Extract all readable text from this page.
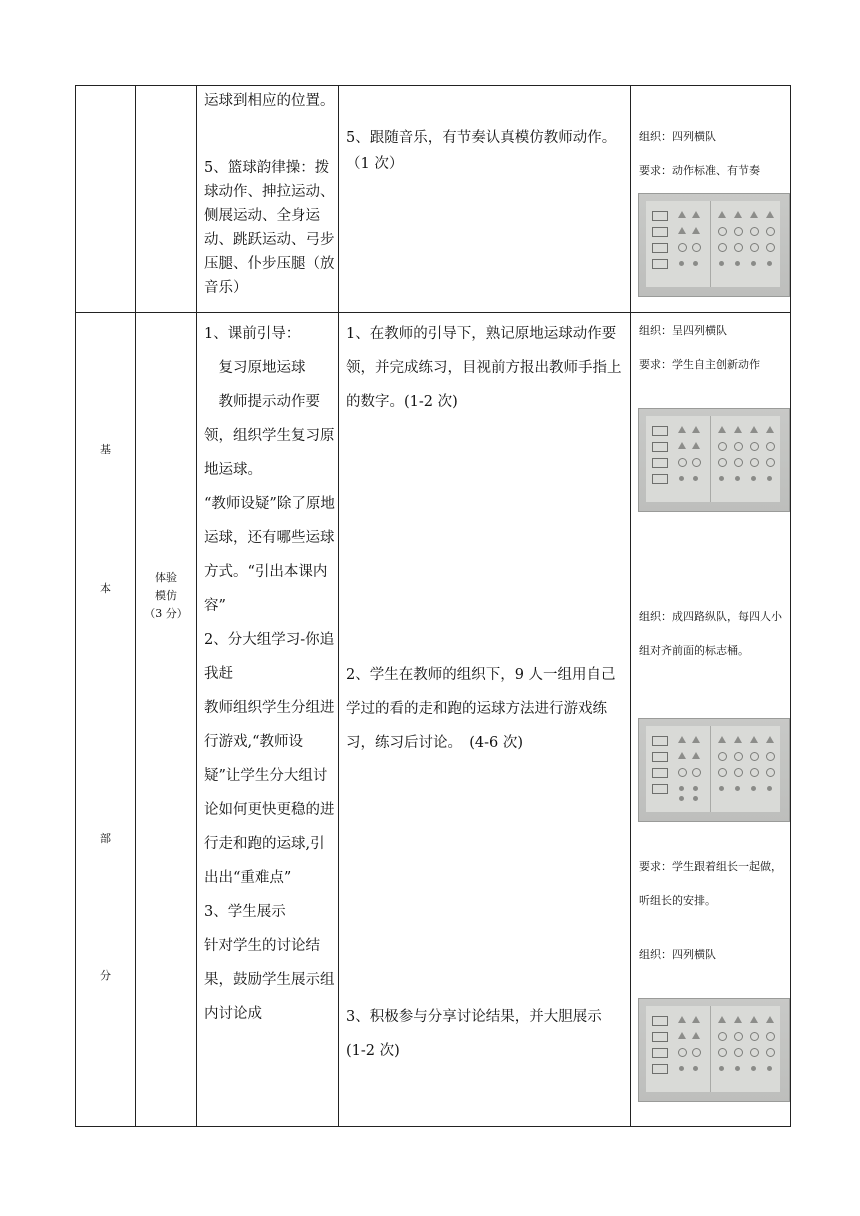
运球到相应的位置。
5、篮球韵律操：拨球动作、抻拉运动、侧展运动、全身运动、跳跃运动、弓步压腿、仆步压腿（放音乐）
5、跟随音乐，有节奏认真模仿教师动作。（1 次）
组织：四列横队
要求：动作标准、有节奏
基
本
部
分
体验
模仿
（3 分）
1、课前引导：
　复习原地运球
　教师提示动作要领，组织学生复习原地运球。
“教师设疑”除了原地运球，还有哪些运球方式。“引出本课内容”
2、分大组学习-你追我赶
教师组织学生分组进行游戏,“教师设疑”让学生分大组讨论如何更快更稳的进行走和跑的运球,引出出“重难点”
3、学生展示
针对学生的讨论结果，鼓励学生展示组内讨论成
1、在教师的引导下，熟记原地运球动作要领，并完成练习，目视前方报出教师手指上的数字。(1-2 次)
2、学生在教师的组织下，9 人一组用自己学过的看的走和跑的运球方法进行游戏练习，练习后讨论。　(4-6 次)
3、积极参与分享讨论结果，并大胆展示 (1-2 次)
组织：呈四列横队
要求：学生自主创新动作
组织：成四路纵队，每四人小组对齐前面的标志桶。
要求：学生跟着组长一起做，听组长的安排。
组织：四列横队
